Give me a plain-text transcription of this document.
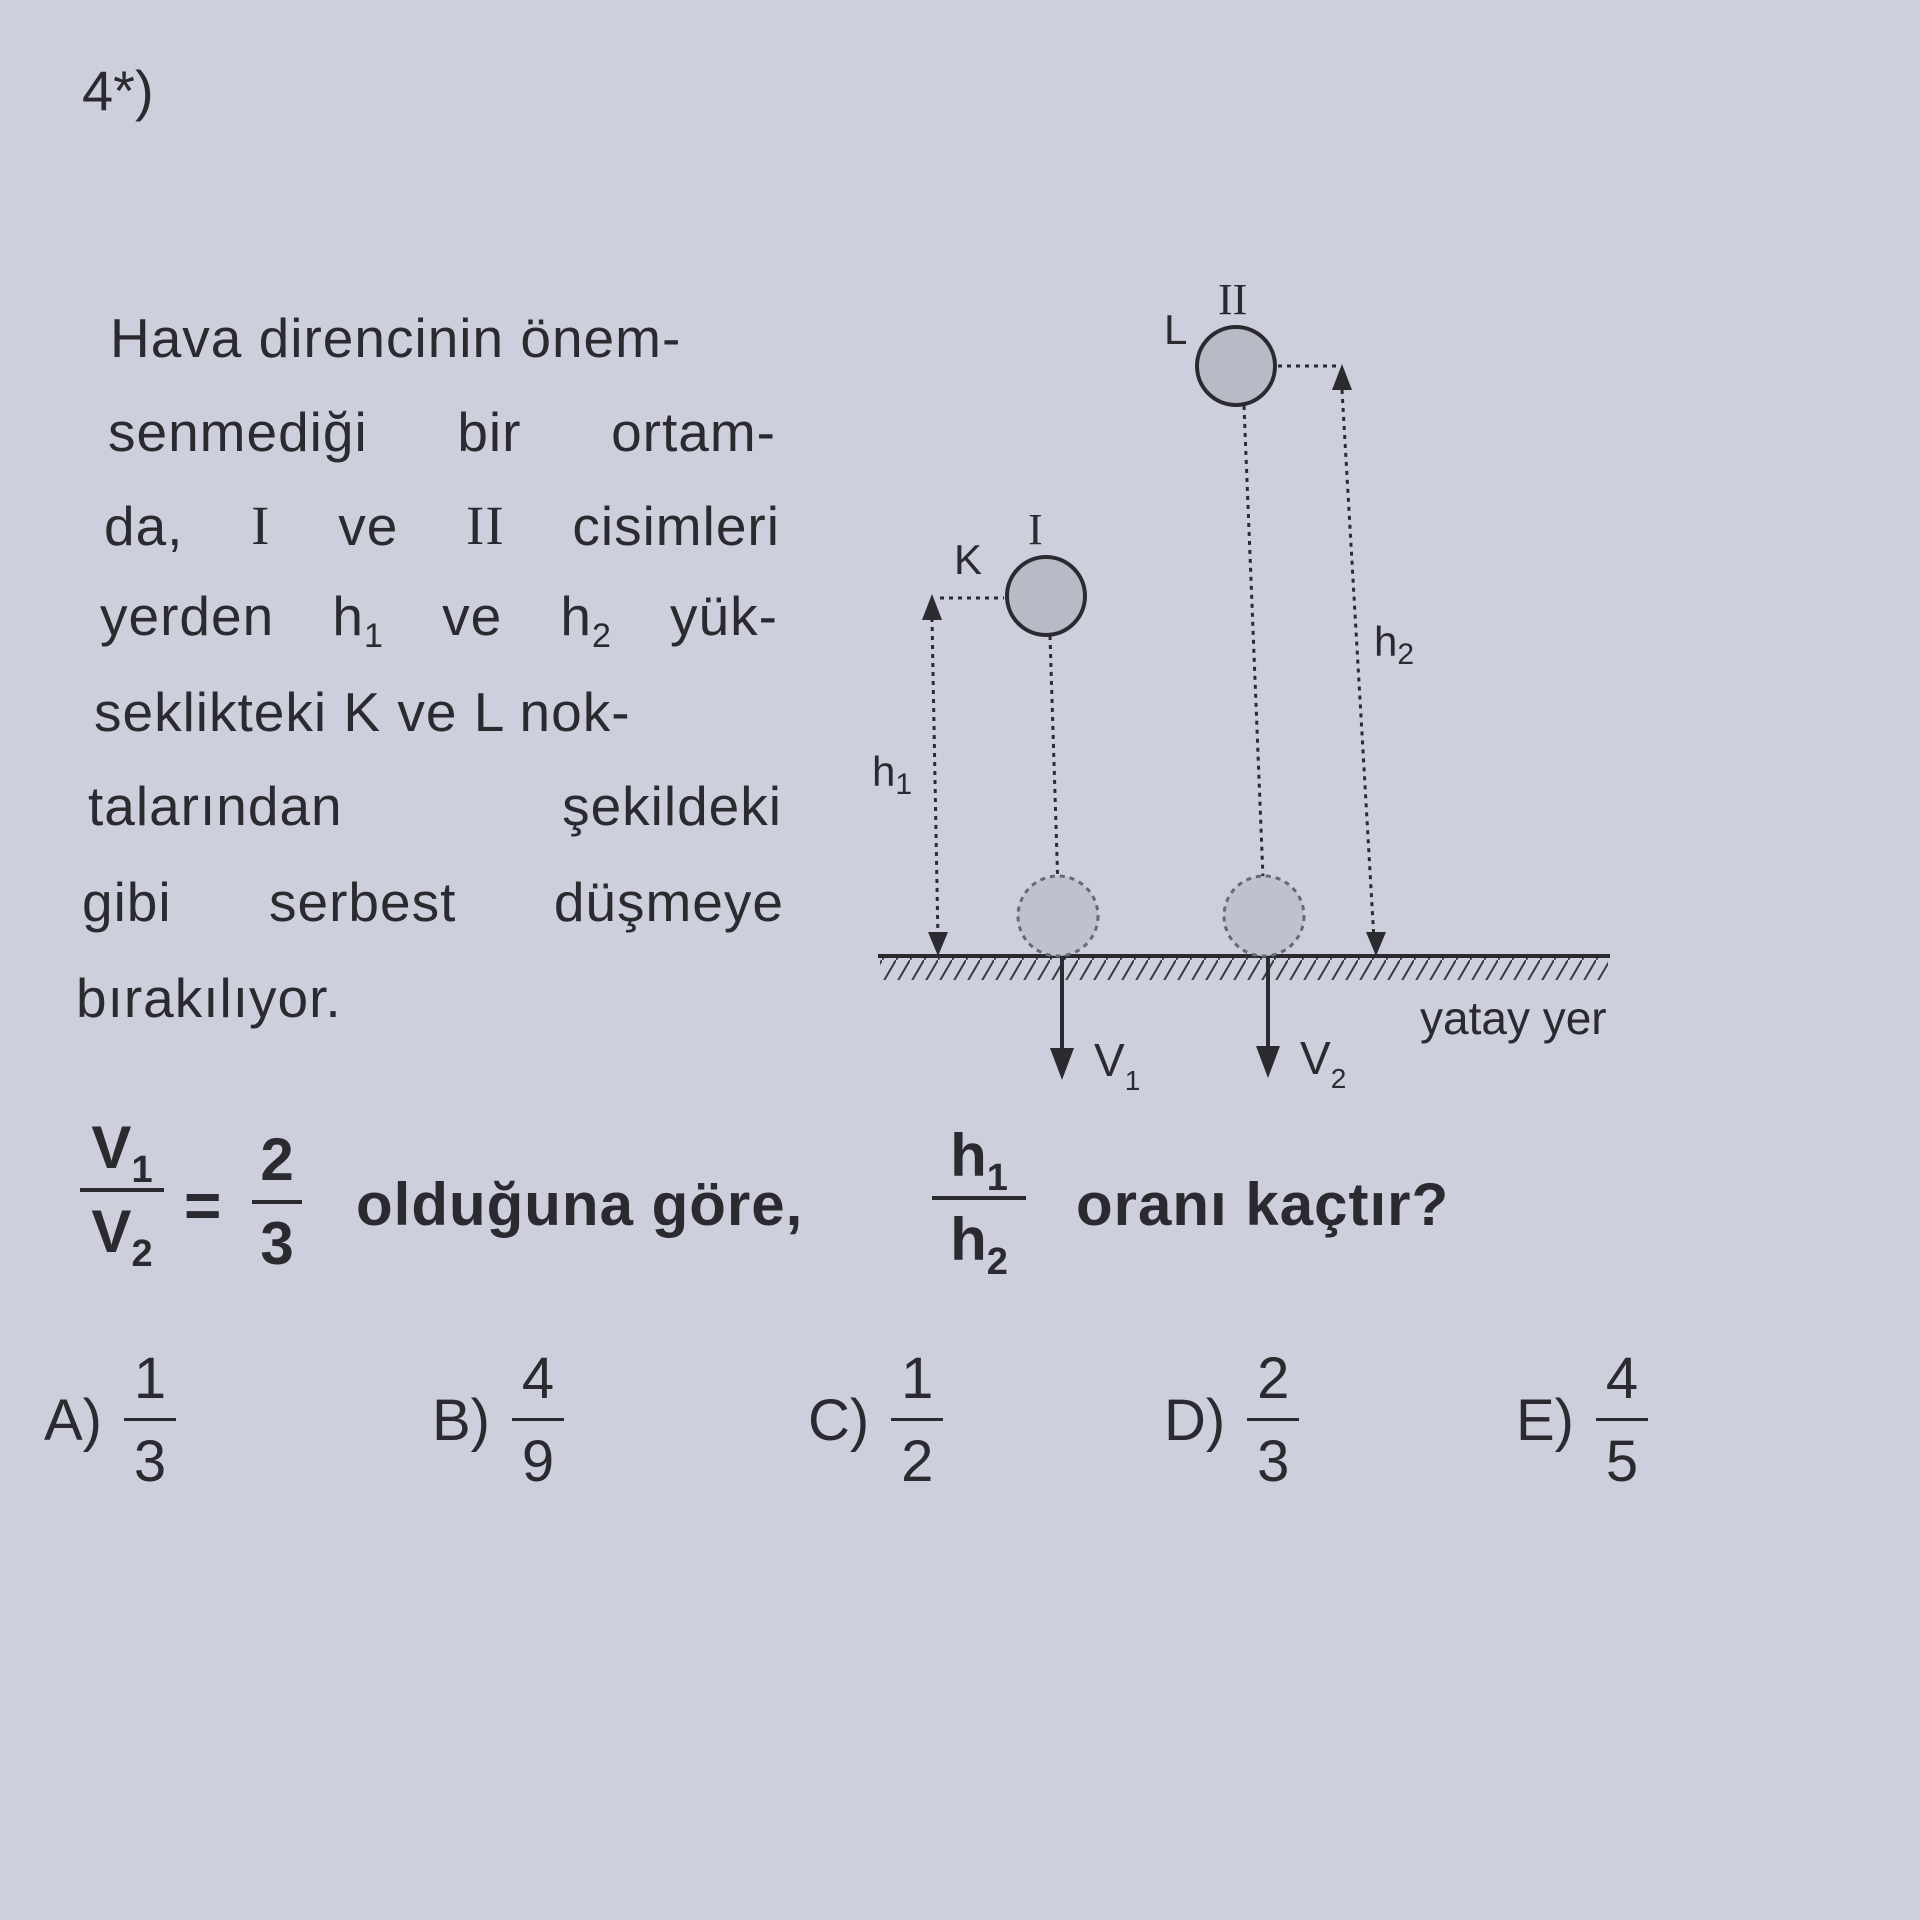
4*)
Hava direncinin önem-
senmediği bir ortam-
da, I ve II cisimleri
yerden $h_1$ ve $h_2$ yük-
seklikteki K ve L nok-
talarından	şekildeki
gibi serbest düşmeye
bırakılıyor.
I
II
K
L
h1
h2
$V_1$	$V_2$
yatay yer
$V_1$
$V_2$
=
2
3
olduğuna göre,
$h_1$
$h_2$
oranı kaçtır?
A)
1
3
B)
4
9
C)
1
2
D)
2
3
E)
4
5
